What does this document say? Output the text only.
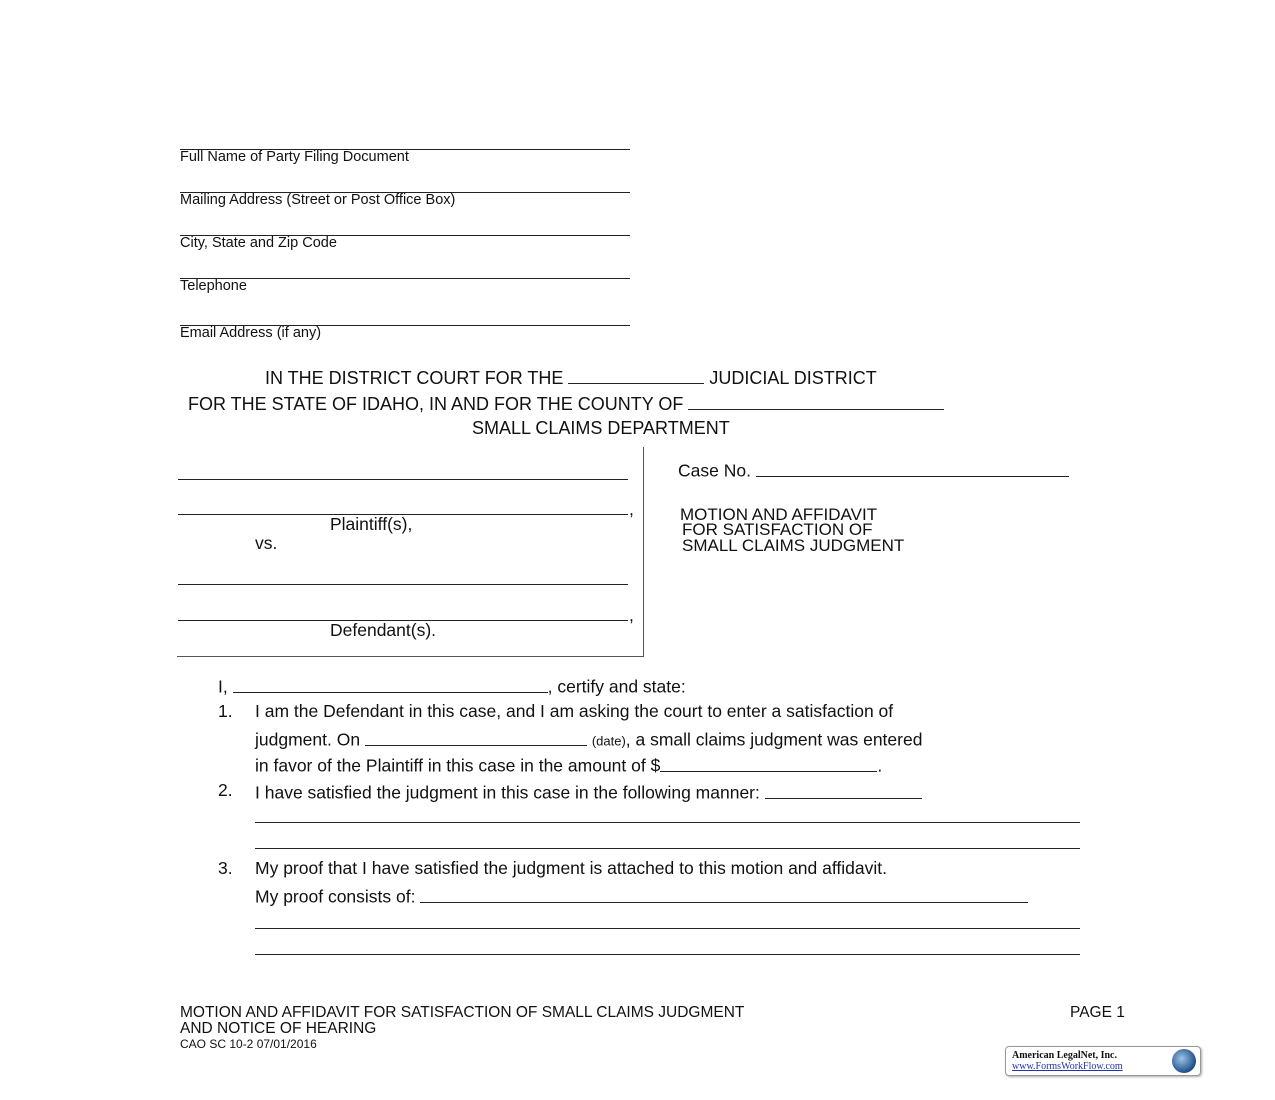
Full Name of Party Filing Document
Mailing Address (Street or Post Office Box)
City, State and Zip Code
Telephone
Email Address (if any)
IN THE DISTRICT COURT FOR THE	JUDICIAL DISTRICT
FOR THE STATE OF IDAHO, IN AND FOR THE COUNTY OF
SMALL CLAIMS DEPARTMENT
,
Plaintiff(s),
vs.
,
Defendant(s).
Case No.
MOTION AND AFFIDAVIT
FOR SATISFACTION OF
SMALL CLAIMS JUDGMENT
I,	, certify and state:
1. I am the Defendant in this case, and I am asking the court to enter a satisfaction of
judgment. On	(date), a small claims judgment was entered
in favor of the Plaintiff in this case in the amount of $	.
2. I have satisfied the judgment in this case in the following manner:
3. My proof that I have satisfied the judgment is attached to this motion and affidavit.
My proof consists of:
MOTION AND AFFIDAVIT FOR SATISFACTION OF SMALL CLAIMS JUDGMENT
AND NOTICE OF HEARING
CAO SC 10-2 07/01/2016
PAGE 1
American LegalNet, Inc.
www.FormsWorkFlow.com
